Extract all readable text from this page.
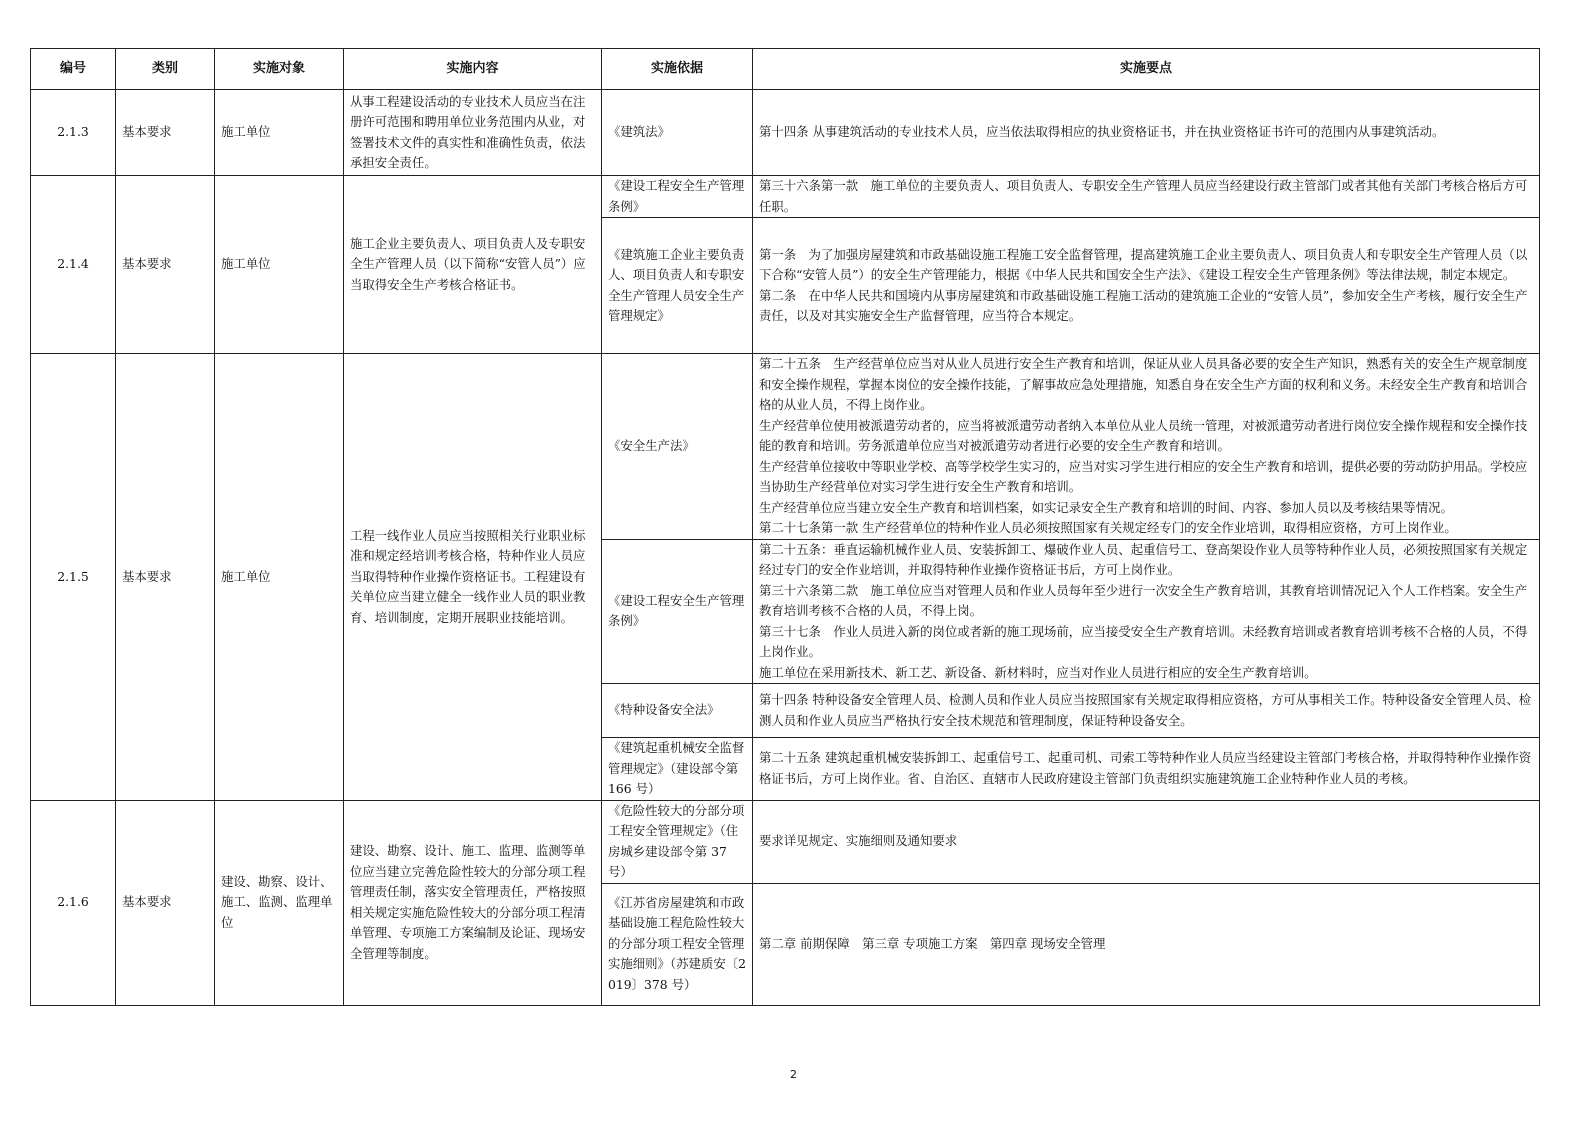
编号	类别	实施对象	实施内容	实施依据	实施要点
2.1.3	基本要求	施工单位	从事工程建设活动的专业技术人员应当在注册许可范围和聘用单位业务范围内从业，对签署技术文件的真实性和准确性负责，依法承担安全责任。	《建筑法》	第十四条 从事建筑活动的专业技术人员，应当依法取得相应的执业资格证书，并在执业资格证书许可的范围内从事建筑活动。

2.1.4	基本要求	施工单位	施工企业主要负责人、项目负责人及专职安全生产管理人员（以下简称“安管人员”）应当取得安全生产考核合格证书。	《建设工程安全生产管理条例》	第三十六条第一款　施工单位的主要负责人、项目负责人、专职安全生产管理人员应当经建设行政主管部门或者其他有关部门考核合格后方可任职。

				《建筑施工企业主要负责人、项目负责人和专职安全生产管理人员安全生产管理规定》	第一条　为了加强房屋建筑和市政基础设施工程施工安全监督管理，提高建筑施工企业主要负责人、项目负责人和专职安全生产管理人员（以下合称“安管人员”）的安全生产管理能力，根据《中华人民共和国安全生产法》、《建设工程安全生产管理条例》等法律法规，制定本规定。
第二条　在中华人民共和国境内从事房屋建筑和市政基础设施工程施工活动的建筑施工企业的“安管人员”，参加安全生产考核，履行安全生产责任，以及对其实施安全生产监督管理，应当符合本规定。

2.1.5	基本要求	施工单位	工程一线作业人员应当按照相关行业职业标准和规定经培训考核合格，特种作业人员应当取得特种作业操作资格证书。工程建设有关单位应当建立健全一线作业人员的职业教育、培训制度，定期开展职业技能培训。	《安全生产法》	第二十五条　生产经营单位应当对从业人员进行安全生产教育和培训，保证从业人员具备必要的安全生产知识，熟悉有关的安全生产规章制度和安全操作规程，掌握本岗位的安全操作技能，了解事故应急处理措施，知悉自身在安全生产方面的权利和义务。未经安全生产教育和培训合格的从业人员，不得上岗作业。
生产经营单位使用被派遣劳动者的，应当将被派遣劳动者纳入本单位从业人员统一管理，对被派遣劳动者进行岗位安全操作规程和安全操作技能的教育和培训。劳务派遣单位应当对被派遣劳动者进行必要的安全生产教育和培训。
生产经营单位接收中等职业学校、高等学校学生实习的，应当对实习学生进行相应的安全生产教育和培训，提供必要的劳动防护用品。学校应当协助生产经营单位对实习学生进行安全生产教育和培训。
生产经营单位应当建立安全生产教育和培训档案，如实记录安全生产教育和培训的时间、内容、参加人员以及考核结果等情况。
第二十七条第一款 生产经营单位的特种作业人员必须按照国家有关规定经专门的安全作业培训，取得相应资格，方可上岗作业。

				《建设工程安全生产管理条例》	第二十五条：垂直运输机械作业人员、安装拆卸工、爆破作业人员、起重信号工、登高架设作业人员等特种作业人员，必须按照国家有关规定经过专门的安全作业培训，并取得特种作业操作资格证书后，方可上岗作业。
第三十六条第二款　施工单位应当对管理人员和作业人员每年至少进行一次安全生产教育培训，其教育培训情况记入个人工作档案。安全生产教育培训考核不合格的人员，不得上岗。
第三十七条　作业人员进入新的岗位或者新的施工现场前，应当接受安全生产教育培训。未经教育培训或者教育培训考核不合格的人员，不得上岗作业。
施工单位在采用新技术、新工艺、新设备、新材料时，应当对作业人员进行相应的安全生产教育培训。

				《特种设备安全法》	第十四条 特种设备安全管理人员、检测人员和作业人员应当按照国家有关规定取得相应资格，方可从事相关工作。特种设备安全管理人员、检测人员和作业人员应当严格执行安全技术规范和管理制度，保证特种设备安全。

				《建筑起重机械安全监督管理规定》（建设部令第 166 号）	第二十五条 建筑起重机械安装拆卸工、起重信号工、起重司机、司索工等特种作业人员应当经建设主管部门考核合格，并取得特种作业操作资格证书后，方可上岗作业。省、自治区、直辖市人民政府建设主管部门负责组织实施建筑施工企业特种作业人员的考核。

2.1.6	基本要求	建设、勘察、设计、施工、监测、监理单位	建设、勘察、设计、施工、监理、监测等单位应当建立完善危险性较大的分部分项工程管理责任制，落实安全管理责任，严格按照相关规定实施危险性较大的分部分项工程清单管理、专项施工方案编制及论证、现场安全管理等制度。	《危险性较大的分部分项工程安全管理规定》（住房城乡建设部令第 37 号）	要求详见规定、实施细则及通知要求

				《江苏省房屋建筑和市政基础设施工程危险性较大的分部分项工程安全管理实施细则》（苏建质安〔2019〕378 号）	第二章 前期保障　第三章 专项施工方案　第四章 现场安全管理
2
